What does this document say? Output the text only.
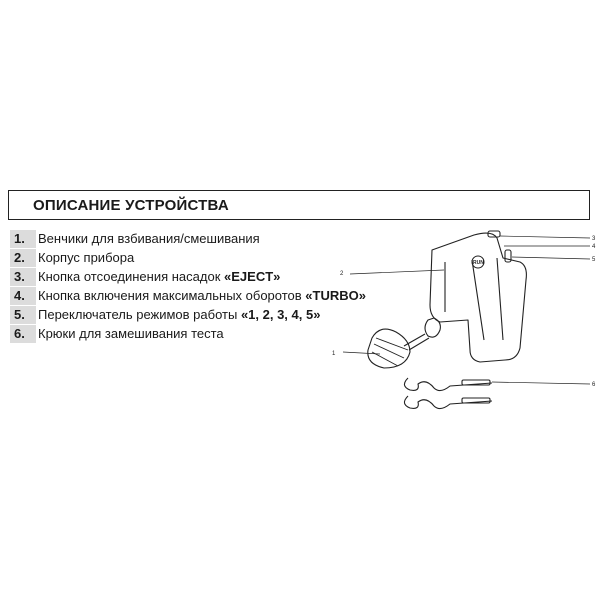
ОПИСАНИЕ УСТРОЙСТВА
1.	Венчики для взбивания/смешивания
2.	Корпус прибора
3.	Кнопка отсоединения насадок «EJECT»
4.	Кнопка включения максимальных оборотов «TURBO»
5.	Переключатель режимов работы «1, 2, 3, 4, 5»
6.	Крюки для замешивания теста
RUN
1
2
3
4
5
6
